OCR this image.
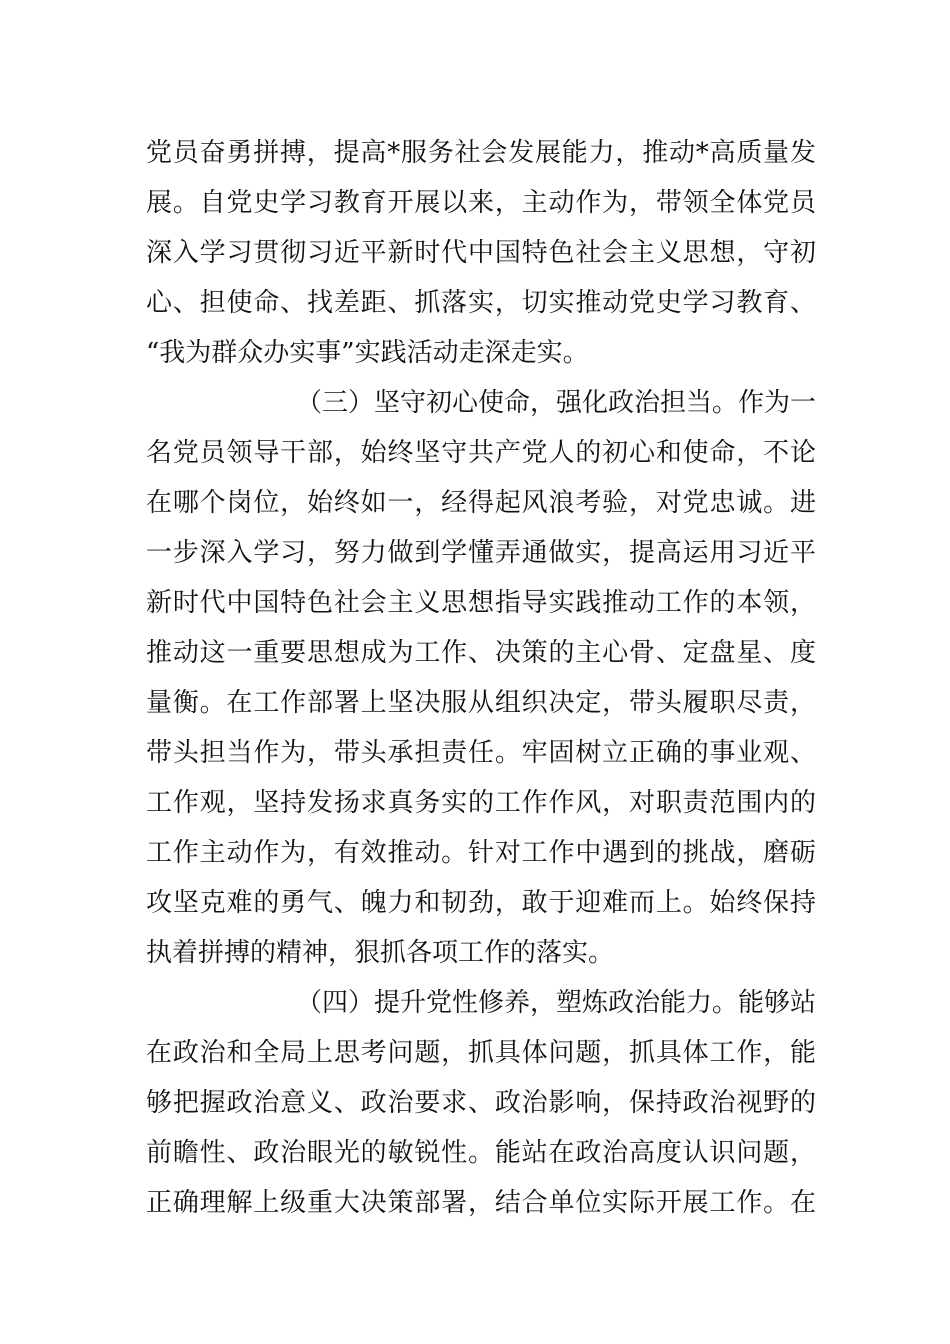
党员奋勇拼搏，提高*服务社会发展能力，推动*高质量发
展。自党史学习教育开展以来，主动作为，带领全体党员
深入学习贯彻习近平新时代中国特色社会主义思想，守初
心、担使命、找差距、抓落实，切实推动党史学习教育、
“我为群众办实事”实践活动走深走实。
（三）坚守初心使命，强化政治担当。作为一
名党员领导干部，始终坚守共产党人的初心和使命，不论
在哪个岗位，始终如一，经得起风浪考验，对党忠诚。进
一步深入学习，努力做到学懂弄通做实，提高运用习近平
新时代中国特色社会主义思想指导实践推动工作的本领，
推动这一重要思想成为工作、决策的主心骨、定盘星、度
量衡。在工作部署上坚决服从组织决定，带头履职尽责，
带头担当作为，带头承担责任。牢固树立正确的事业观、
工作观，坚持发扬求真务实的工作作风，对职责范围内的
工作主动作为，有效推动。针对工作中遇到的挑战，磨砺
攻坚克难的勇气、魄力和韧劲，敢于迎难而上。始终保持
执着拼搏的精神，狠抓各项工作的落实。
（四）提升党性修养，塑炼政治能力。能够站
在政治和全局上思考问题，抓具体问题，抓具体工作，能
够把握政治意义、政治要求、政治影响，保持政治视野的
前瞻性、政治眼光的敏锐性。能站在政治高度认识问题，
正确理解上级重大决策部署，结合单位实际开展工作。在
